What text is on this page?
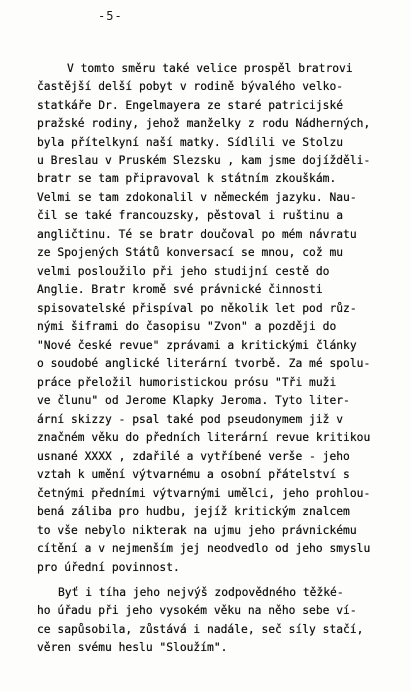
-5-
V tomto směru také velice prospěl bratrovi
častější delší pobyt v rodině bývalého velko-
statkáře Dr. Engelmayera ze staré patricijské
pražské rodiny, jehož manželky z rodu Nádherných,
byla přítelkyní naší matky. Sídlili ve Stolzu
u Breslau v Pruském Slezsku , kam jsme dojížděli-
bratr se tam připravoval k státním zkouškám.
Velmi se tam zdokonalil v německém jazyku. Nau-
čil se také francouzsky, pěstoval i ruštinu a
angličtinu. Té se bratr doučoval po mém návratu
ze Spojených Států konversací se mnou, což mu
velmi posloužilo při jeho studijní cestě do
Anglie. Bratr kromě své právnické činnosti
spisovatelské přispíval po několik let pod růz-
nými šiframi do časopisu "Zvon" a později do
"Nové české revue" zprávami a kritickými články
o soudobé anglické literární tvorbě. Za mé spolu-
práce přeložil humoristickou prósu "Tři muži
ve člunu" od Jerome Klapky Jeroma. Tyto liter-
ární skizzy - psal také pod pseudonymem již v
značném věku do předních literární revue kritikou
usnané XXXX , zdařilé a vytříbené verše - jeho
vztah k umění výtvarnému a osobní přátelství s
četnými předními výtvarnými umělci, jeho prohlou-
bená záliba pro hudbu, jejíž kritickým znalcem
to vše nebylo nikterak na ujmu jeho právnickému
cítění a v nejmenším jej neodvedlo od jeho smyslu
pro úřední povinnost.
Byť i tíha jeho nejvýš zodpovědného těžké-
ho úřadu při jeho vysokém věku na něho sebe ví-
ce sapůsobila, zůstává i nadále, seč síly stačí,
věren svému heslu "Sloužím".
